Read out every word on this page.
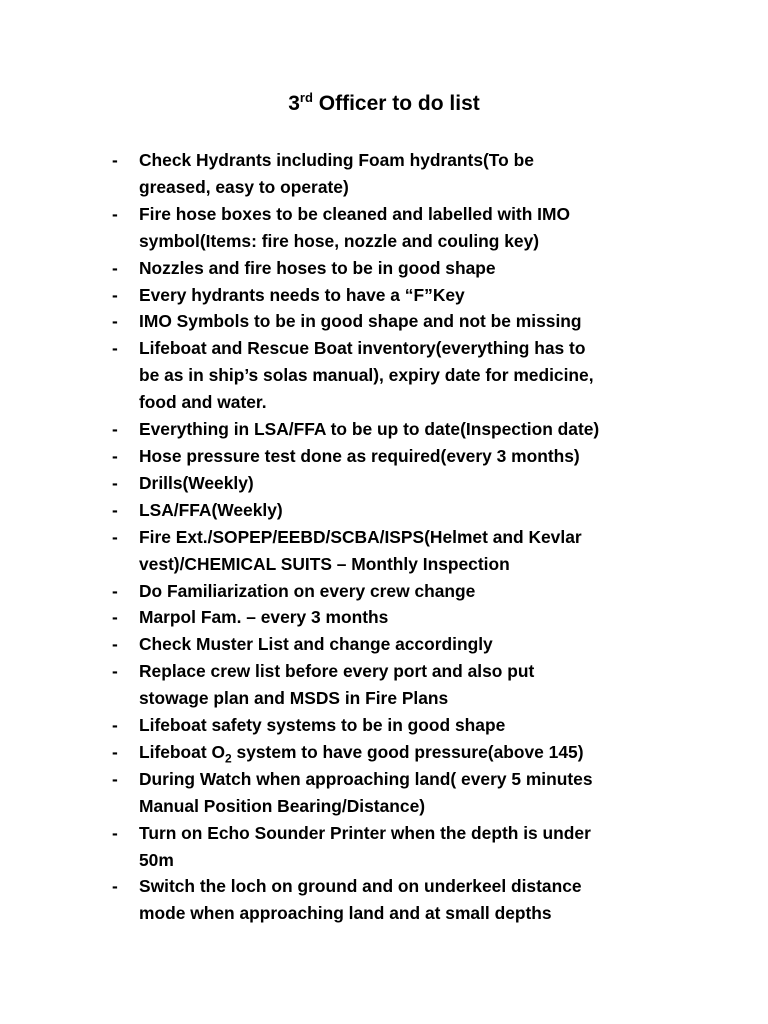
3rd Officer to do list
-	Check Hydrants including Foam hydrants(To be
greased, easy to operate)
-	Fire hose boxes to be cleaned and labelled with IMO
symbol(Items: fire hose, nozzle and couling key)
-	Nozzles and fire hoses to be in good shape
-	Every hydrants needs to have a “F”Key
-	IMO Symbols to be in good shape and not be missing
-	Lifeboat and Rescue Boat inventory(everything has to
be as in ship’s solas manual), expiry date for medicine,
food and water.
-	Everything in LSA/FFA to be up to date(Inspection date)
-	Hose pressure test done as required(every 3 months)
-	Drills(Weekly)
-	LSA/FFA(Weekly)
-	Fire Ext./SOPEP/EEBD/SCBA/ISPS(Helmet and Kevlar
vest)/CHEMICAL SUITS – Monthly Inspection
-	Do Familiarization on every crew change
-	Marpol Fam. – every 3 months
-	Check Muster List and change accordingly
-	Replace crew list before every port and also put
stowage plan and MSDS in Fire Plans
-	Lifeboat safety systems to be in good shape
-	Lifeboat $O_2$ system to have good pressure(above 145)
-	During Watch when approaching land( every 5 minutes
Manual Position Bearing/Distance)
-	Turn on Echo Sounder Printer when the depth is under
50m
-	Switch the loch on ground and on underkeel distance
mode when approaching land and at small depths
